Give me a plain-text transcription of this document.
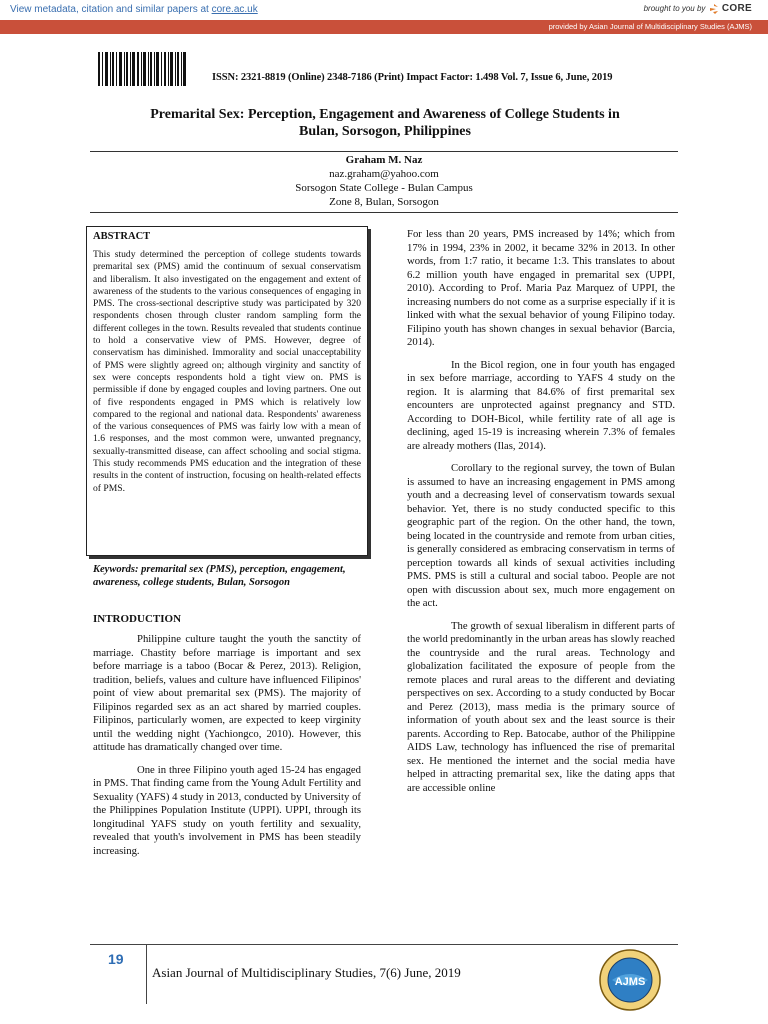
View metadata, citation and similar papers at core.ac.uk	brought to you by CORE
provided by Asian Journal of Multidisciplinary Studies (AJMS)
ISSN: 2321-8819 (Online) 2348-7186 (Print) Impact Factor: 1.498 Vol. 7, Issue 6, June, 2019
Premarital Sex: Perception, Engagement and Awareness of College Students in
Bulan, Sorsogon, Philippines
Graham M. Naz
naz.graham@yahoo.com
Sorsogon State College - Bulan Campus
Zone 8, Bulan, Sorsogon
ABSTRACT
This study determined the perception of college students towards premarital sex (PMS) amid the continuum of sexual conservatism and liberalism. It also investigated on the engagement and extent of awareness of the students to the various consequences of engaging in PMS. The cross-sectional descriptive study was participated by 320 respondents chosen through cluster random sampling form the different colleges in the town. Results revealed that students continue to hold a conservative view of PMS. However, degree of conservatism has diminished. Immorality and social unacceptability of PMS were slightly agreed on; although virginity and sanctity of sex were concepts respondents hold a tight view on. PMS is permissible if done by engaged couples and loving partners. One out of five respondents engaged in PMS which is relatively low compared to the regional and national data. Respondents' awareness of the various consequences of PMS was fairly low with a mean of 1.6 responses, and the most common were, unwanted pregnancy, sexually-transmitted disease, can affect schooling and social stigma. This study recommends PMS education and the integration of these results in the content of instruction, focusing on health-related effects of PMS.
Keywords: premarital sex (PMS), perception, engagement, awareness, college students, Bulan, Sorsogon
INTRODUCTION

Philippine culture taught the youth the sanctity of marriage. Chastity before marriage is important and sex before marriage is a taboo (Bocar & Perez, 2013). Religion, tradition, beliefs, values and culture have influenced Filipinos' point of view about premarital sex (PMS). The majority of Filipinos regarded sex as an act shared by married couples. Filipinos, particularly women, are expected to keep virginity until the wedding night (Yachiongco, 2010). However, this attitude has dramatically changed over time.

One in three Filipino youth aged 15-24 has engaged in PMS. That finding came from the Young Adult Fertility and Sexuality (YAFS) 4 study in 2013, conducted by University of the Philippines Population Institute (UPPI). UPPI, through its longitudinal YAFS study on youth fertility and sexuality, revealed that youth's involvement in PMS has been steadily increasing.

For less than 20 years, PMS increased by 14%; which from 17% in 1994, 23% in 2002, it became 32% in 2013. In other words, from 1:7 ratio, it became 1:3. This translates to about 6.2 million youth have engaged in premarital sex (UPPI, 2010). According to Prof. Maria Paz Marquez of UPPI, the increasing numbers do not come as a surprise especially if it is linked with what the sexual behavior of young Filipino today. Filipino youth has shown changes in sexual behavior (Barcia, 2014).

In the Bicol region, one in four youth has engaged in sex before marriage, according to YAFS 4 study on the region. It is alarming that 84.6% of first premarital sex encounters are unprotected against pregnancy and STD. According to DOH-Bicol, while fertility rate of all age is declining, aged 15-19 is increasing wherein 7.3% of females are already mothers (Ilas, 2014).

Corollary to the regional survey, the town of Bulan is assumed to have an increasing engagement in PMS among youth and a decreasing level of conservatism towards sexual behavior. Yet, there is no study conducted specific to this geographic part of the region. On the other hand, the town, being located in the countryside and remote from urban cities, is generally considered as embracing conservatism in terms of perception towards all kinds of sexual activities including PMS. PMS is still a cultural and social taboo. People are not open with discussion about sex, much more engagement on the act.

The growth of sexual liberalism in different parts of the world predominantly in the urban areas has slowly reached the countryside and the rural areas. Technology and globalization facilitated the exposure of people from the remote places and rural areas to the different and deviating perspectives on sex. According to a study conducted by Bocar and Perez (2013), mass media is the primary source of information of youth about sex and the least source is their parents. According to Rep. Batocabe, author of the Philippine AIDS Law, technology has influenced the rise of premarital sex. He mentioned the internet and the social media have helped in attracting premarital sex, like the dating apps that are accessible online

19
Asian Journal of Multidisciplinary Studies, 7(6) June, 2019
AJMS
